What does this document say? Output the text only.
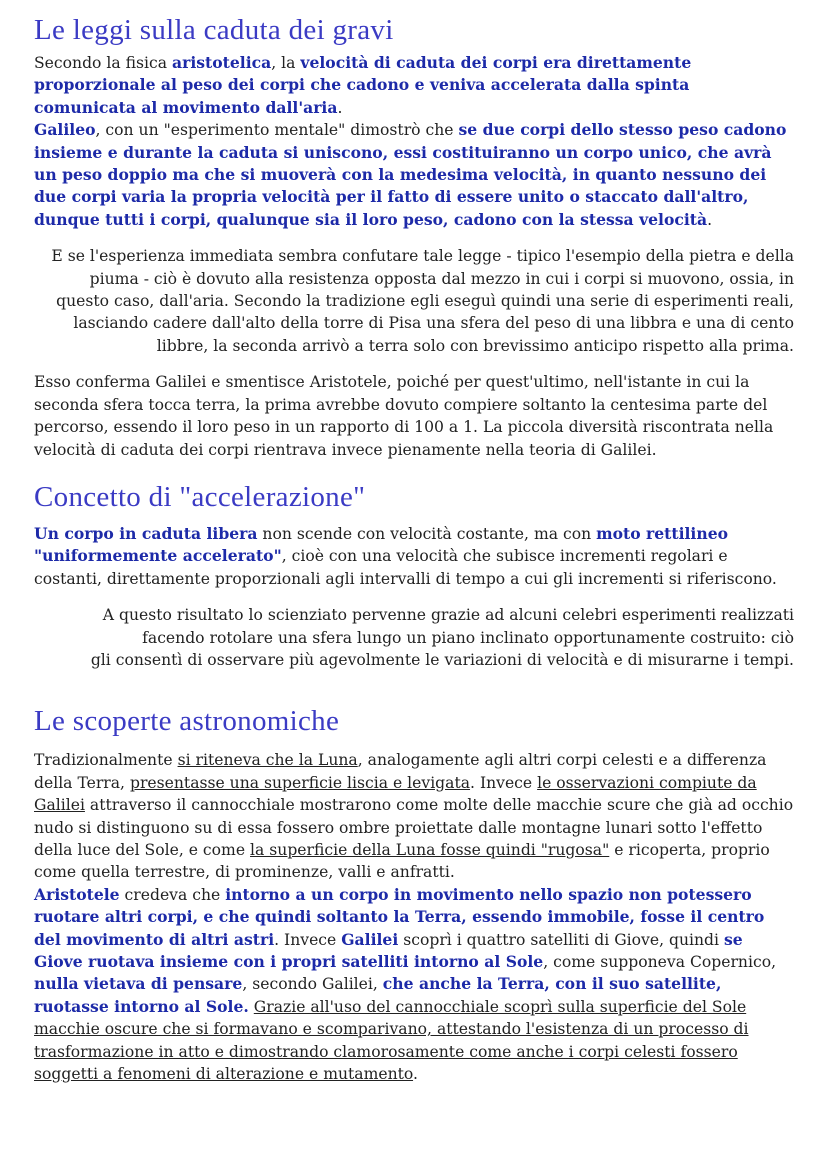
Le leggi sulla caduta dei gravi

Secondo la fisica aristotelica, la velocità di caduta dei corpi era direttamente proporzionale al peso dei corpi che cadono e veniva accelerata dalla spinta comunicata al movimento dall'aria.

Galileo, con un "esperimento mentale" dimostrò che se due corpi dello stesso peso cadono insieme e durante la caduta si uniscono, essi costituiranno un corpo unico, che avrà un peso doppio ma che si muoverà con la medesima velocità, in quanto nessuno dei due corpi varia la propria velocità per il fatto di essere unito o staccato dall'altro, dunque tutti i corpi, qualunque sia il loro peso, cadono con la stessa velocità.

E se l'esperienza immediata sembra confutare tale legge - tipico l'esempio della pietra e della
piuma - ciò è dovuto alla resistenza opposta dal mezzo in cui i corpi si muovono, ossia, in
questo caso, dall'aria. Secondo la tradizione egli eseguì quindi una serie di esperimenti reali,
lasciando cadere dall'alto della torre di Pisa una sfera del peso di una libbra e una di cento
libbre, la seconda arrivò a terra solo con brevissimo anticipo rispetto alla prima.

Esso conferma Galilei e smentisce Aristotele, poiché per quest'ultimo, nell'istante in cui la seconda sfera tocca terra, la prima avrebbe dovuto compiere soltanto la centesima parte del percorso, essendo il loro peso in un rapporto di 100 a 1. La piccola diversità riscontrata nella velocità di caduta dei corpi rientrava invece pienamente nella teoria di Galilei.

Concetto di "accelerazione"

Un corpo in caduta libera non scende con velocità costante, ma con moto rettilineo "uniformemente accelerato", cioè con una velocità che subisce incrementi regolari e costanti, direttamente proporzionali agli intervalli di tempo a cui gli incrementi si riferiscono.

A questo risultato lo scienziato pervenne grazie ad alcuni celebri esperimenti realizzati
facendo rotolare una sfera lungo un piano inclinato opportunamente costruito: ciò
gli consentì di osservare più agevolmente le variazioni di velocità e di misurarne i tempi.
Le scoperte astronomiche

Tradizionalmente si riteneva che la Luna, analogamente agli altri corpi celesti e a differenza della Terra, presentasse una superficie liscia e levigata. Invece le osservazioni compiute da Galilei attraverso il cannocchiale mostrarono come molte delle macchie scure che già ad occhio nudo si distinguono su di essa fossero ombre proiettate dalle montagne lunari sotto l'effetto della luce del Sole, e come la superficie della Luna fosse quindi "rugosa" e ricoperta, proprio come quella terrestre, di prominenze, valli e anfratti.

Aristotele credeva che intorno a un corpo in movimento nello spazio non potessero ruotare altri corpi, e che quindi soltanto la Terra, essendo immobile, fosse il centro del movimento di altri astri. Invece Galilei scoprì i quattro satelliti di Giove, quindi se Giove ruotava insieme con i propri satelliti intorno al Sole, come supponeva Copernico, nulla vietava di pensare, secondo Galilei, che anche la Terra, con il suo satellite, ruotasse intorno al Sole. Grazie all'uso del cannocchiale scoprì sulla superficie del Sole macchie oscure che si formavano e scomparivano, attestando l'esistenza di un processo di trasformazione in atto e dimostrando clamorosamente come anche i corpi celesti fossero soggetti a fenomeni di alterazione e mutamento.
